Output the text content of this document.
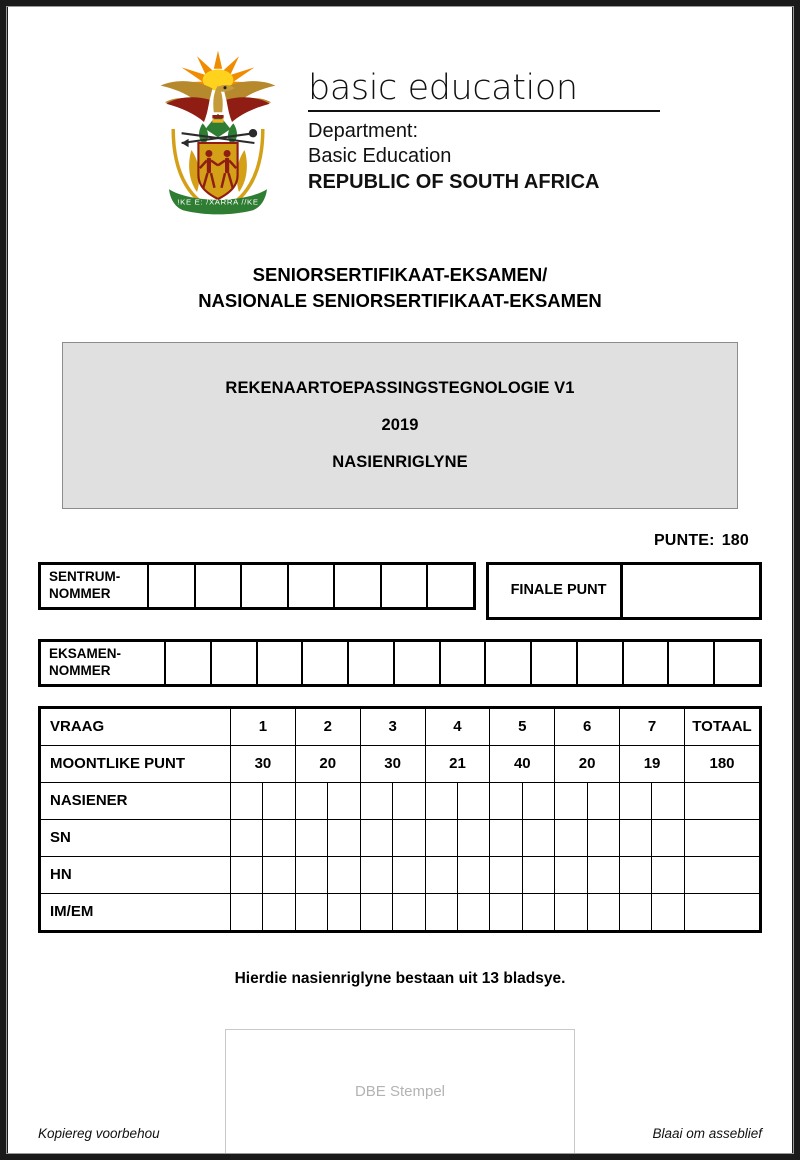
!KE E: /XARRA //KE
basic education
Department:
Basic Education
REPUBLIC OF SOUTH AFRICA
SENIORSERTIFIKAAT-EKSAMEN/
NASIONALE SENIORSERTIFIKAAT-EKSAMEN

REKENAARTOEPASSINGSTEGNOLOGIE V1

2019

NASIENRIGLYNE

PUNTE: 180
SENTRUM-
NOMMER	FINALE PUNT
EKSAMEN-
NOMMER
VRAAG	1		2		3		4		5		6		7		TOTAAL
MOONTLIKE PUNT	30		20		30		21		40		20		19		180
NASIENER															
SN															
HN															
IM/EM															
Hierdie nasienriglyne bestaan uit 13 bladsye.
DBE Stempel
Kopiereg voorbehou	Blaai om asseblief
